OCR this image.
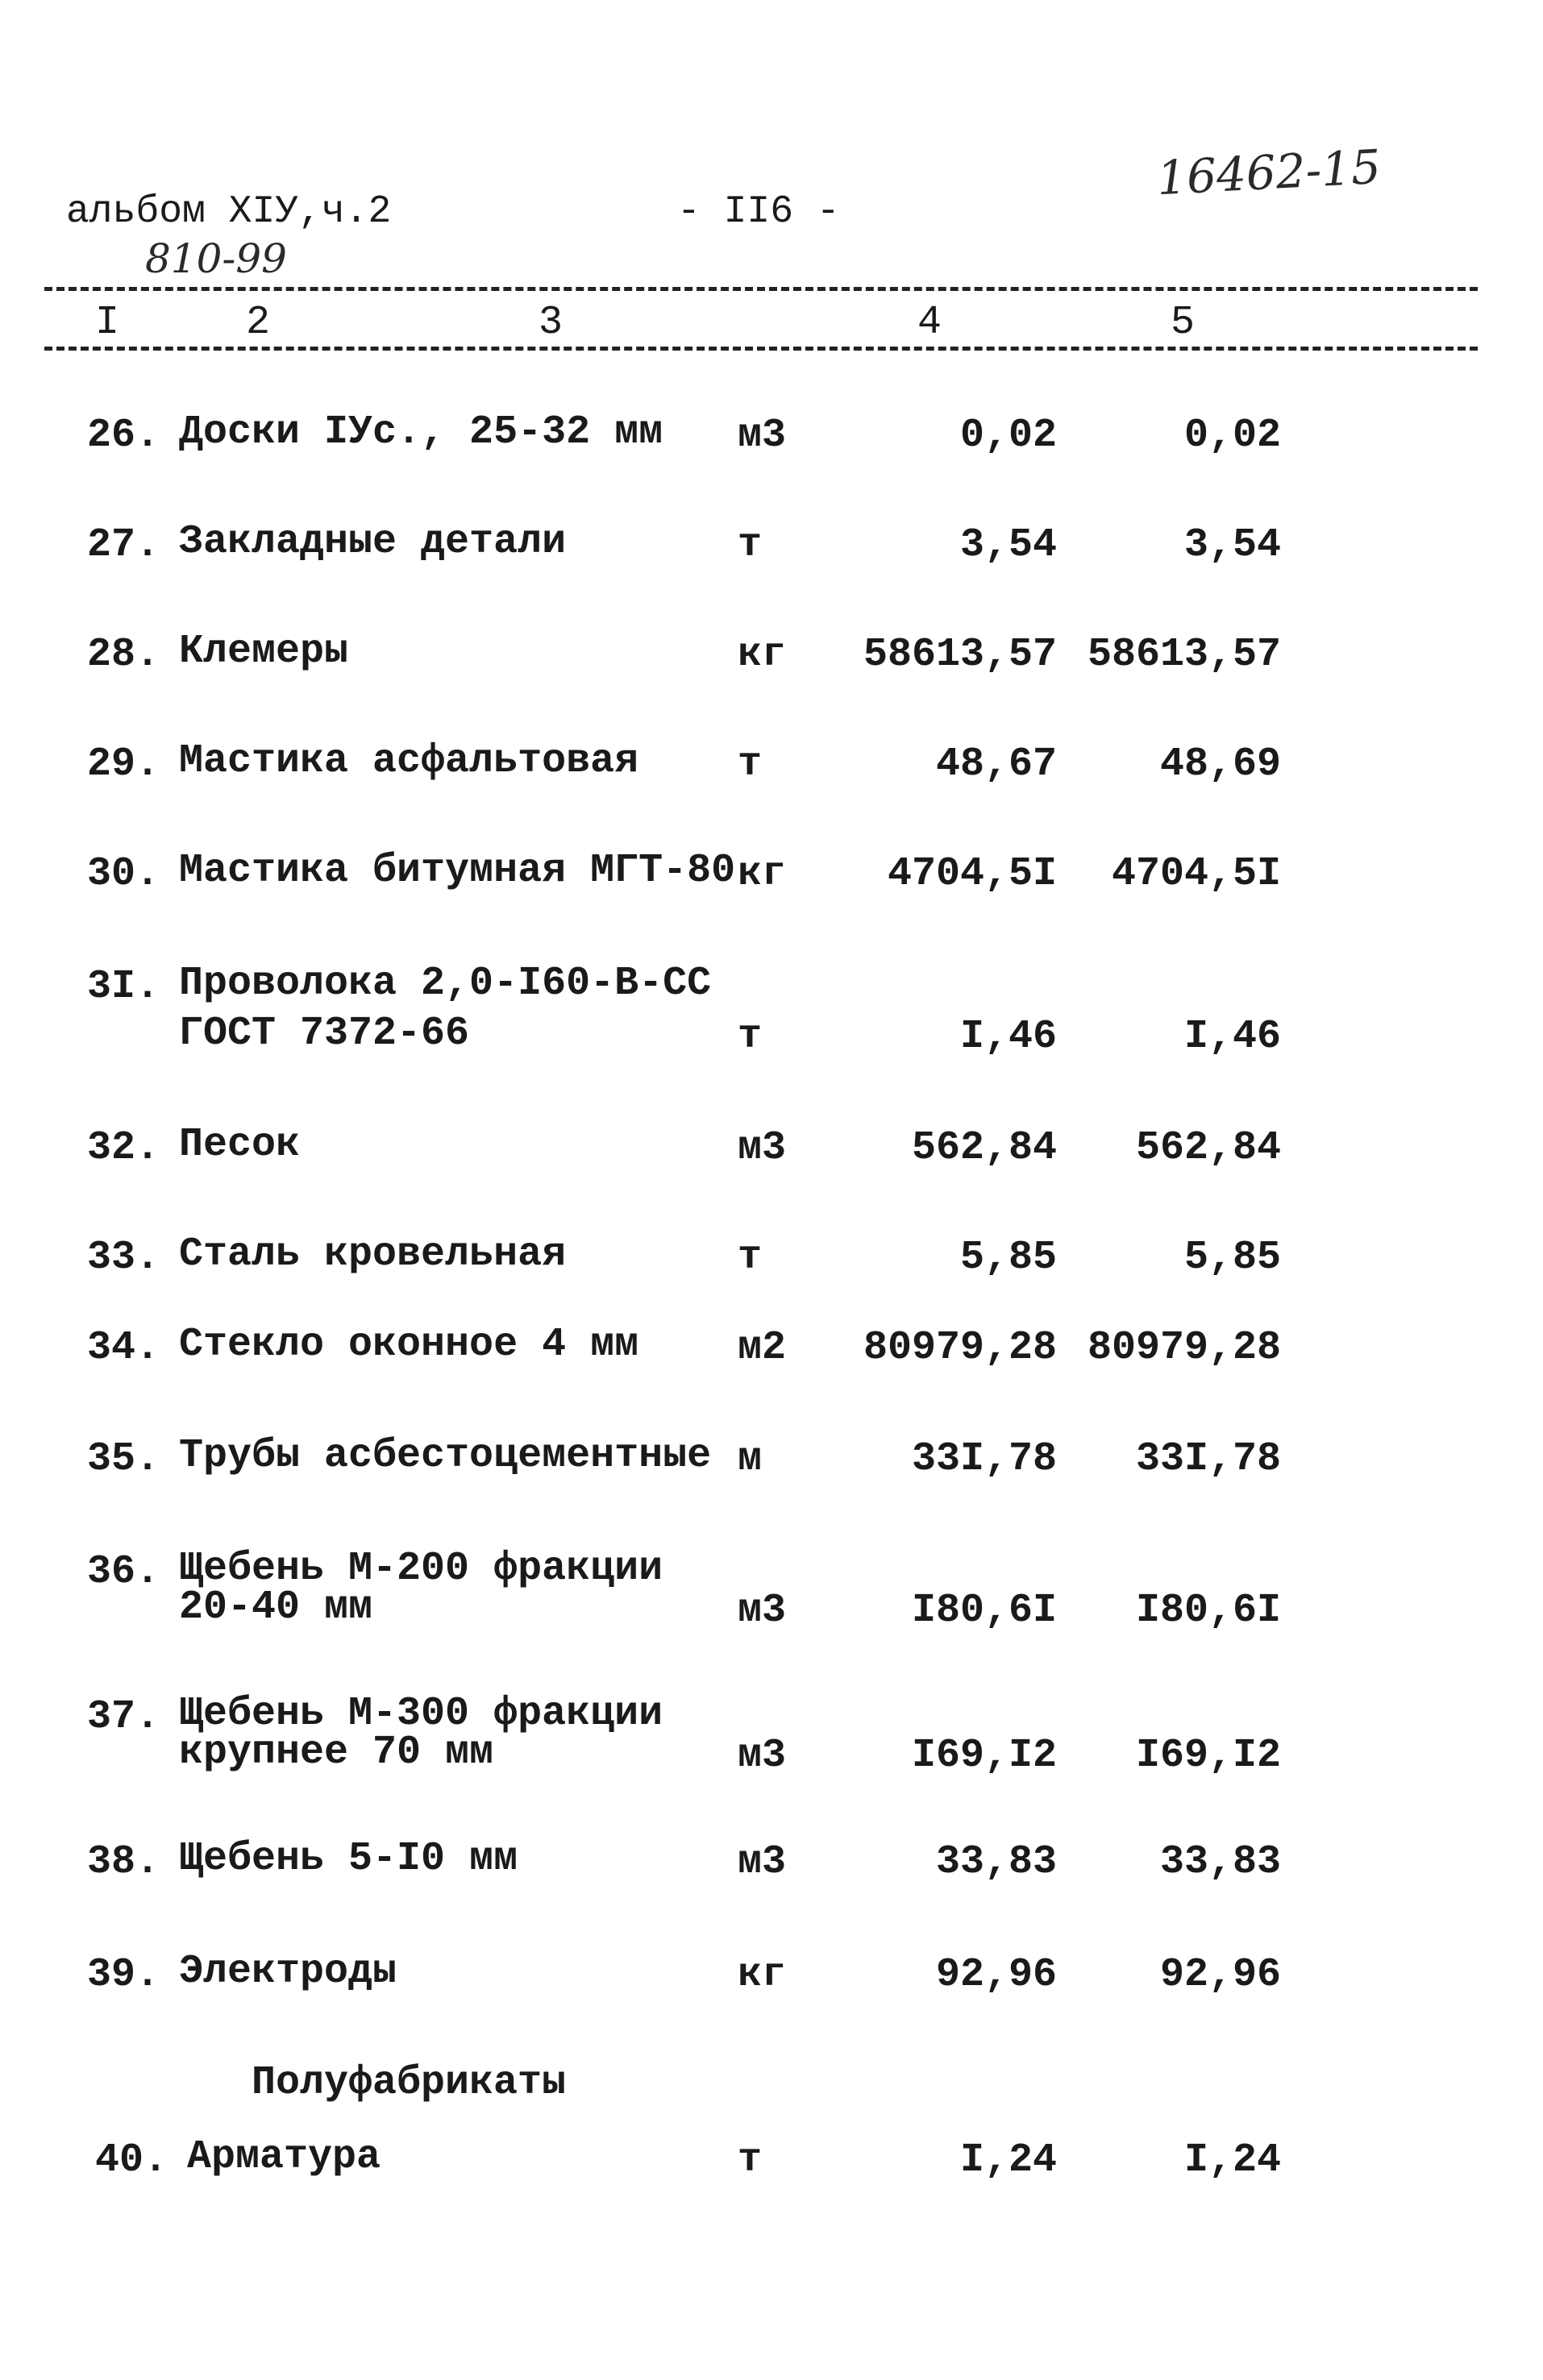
альбом ХIУ,ч.2	- II6 -
16462-15
810-99
I	2	3	4	5
26. Доски IУс., 25-32 мм м3	0,02	0,02
27. Закладные детали	т	3,54	3,54
28. Клемеры	кг 58613,57 58613,57
29. Мастика асфальтовая т	48,67	48,69
30. Мастика битумная МГТ-80 кг	4704,5I 4704,5I
3I. Проволока 2,0-I60-В-СС
ГОСТ 7372-66	т	I,46	I,46
32. Песок	м3	562,84 562,84
33. Сталь кровельная	т	5,85	5,85
34. Стекло оконное 4 мм м2 80979,28 80979,28
35. Трубы асбестоцементные м	33I,78 33I,78
36. Щебень М-200 фракции
20-40 мм	м3	I80,6I I80,6I
37. Щебень М-300 фракции
крупнее 70 мм	м3	I69,I2 I69,I2
38. Щебень 5-I0 мм	м3	33,83	33,83
39. Электроды	кг	92,96	92,96
Полуфабрикаты
40. Арматура	т	I,24	I,24
